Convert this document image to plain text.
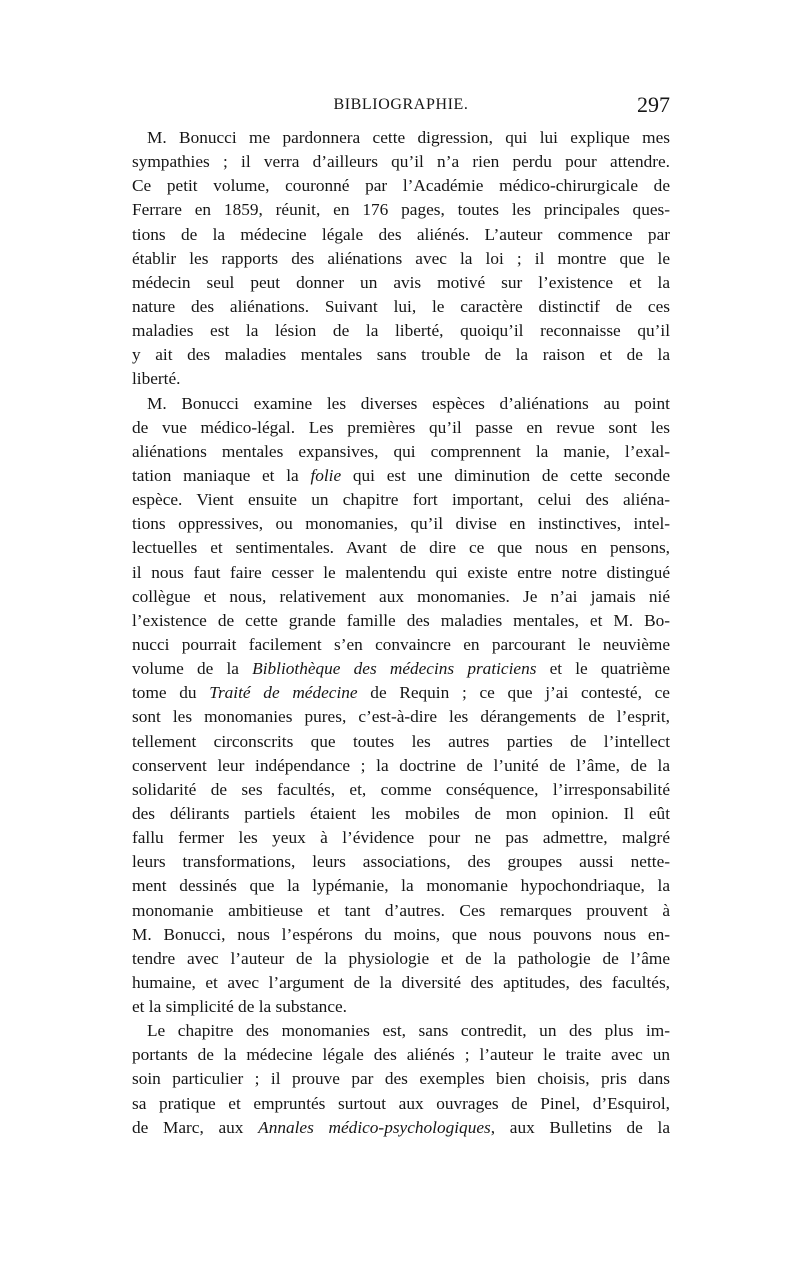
BIBLIOGRAPHIE.	297
M. Bonucci me pardonnera cette digression, qui lui explique mes
sympathies ; il verra d’ailleurs qu’il n’a rien perdu pour attendre.
Ce petit volume, couronné par l’Académie médico-chirurgicale de
Ferrare en 1859, réunit, en 176 pages, toutes les principales ques-
tions de la médecine légale des aliénés. L’auteur commence par
établir les rapports des aliénations avec la loi ; il montre que le
médecin seul peut donner un avis motivé sur l’existence et la
nature des aliénations. Suivant lui, le caractère distinctif de ces
maladies est la lésion de la liberté, quoiqu’il reconnaisse qu’il
y ait des maladies mentales sans trouble de la raison et de la
liberté.
M. Bonucci examine les diverses espèces d’aliénations au point
de vue médico-légal. Les premières qu’il passe en revue sont les
aliénations mentales expansives, qui comprennent la manie, l’exal-
tation maniaque et la folie qui est une diminution de cette seconde
espèce. Vient ensuite un chapitre fort important, celui des aliéna-
tions oppressives, ou monomanies, qu’il divise en instinctives, intel-
lectuelles et sentimentales. Avant de dire ce que nous en pensons,
il nous faut faire cesser le malentendu qui existe entre notre distingué
collègue et nous, relativement aux monomanies. Je n’ai jamais nié
l’existence de cette grande famille des maladies mentales, et M. Bo-
nucci pourrait facilement s’en convaincre en parcourant le neuvième
volume de la Bibliothèque des médecins praticiens et le quatrième
tome du Traité de médecine de Requin ; ce que j’ai contesté, ce
sont les monomanies pures, c’est-à-dire les dérangements de l’esprit,
tellement circonscrits que toutes les autres parties de l’intellect
conservent leur indépendance ; la doctrine de l’unité de l’âme, de la
solidarité de ses facultés, et, comme conséquence, l’irresponsabilité
des délirants partiels étaient les mobiles de mon opinion. Il eût
fallu fermer les yeux à l’évidence pour ne pas admettre, malgré
leurs transformations, leurs associations, des groupes aussi nette-
ment dessinés que la lypémanie, la monomanie hypochondriaque, la
monomanie ambitieuse et tant d’autres. Ces remarques prouvent à
M. Bonucci, nous l’espérons du moins, que nous pouvons nous en-
tendre avec l’auteur de la physiologie et de la pathologie de l’âme
humaine, et avec l’argument de la diversité des aptitudes, des facultés,
et la simplicité de la substance.
Le chapitre des monomanies est, sans contredit, un des plus im-
portants de la médecine légale des aliénés ; l’auteur le traite avec un
soin particulier ; il prouve par des exemples bien choisis, pris dans
sa pratique et empruntés surtout aux ouvrages de Pinel, d’Esquirol,
de Marc, aux Annales médico-psychologiques, aux Bulletins de la
